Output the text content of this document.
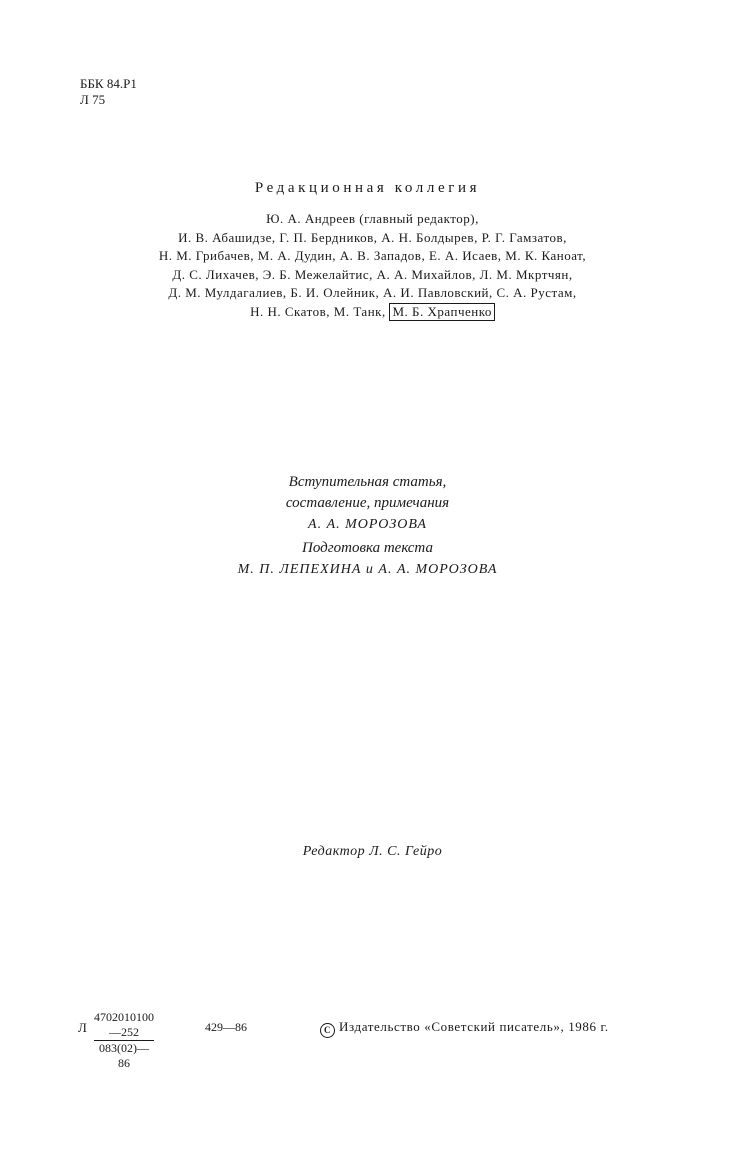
ББК 84.Р1
Л 75
Редакционная коллегия
Ю. А. Андреев (главный редактор),
И. В. Абашидзе, Г. П. Бердников, А. Н. Болдырев, Р. Г. Гамзатов,
Н. М. Грибачев, М. А. Дудин, А. В. Западов, Е. А. Исаев, М. К. Каноат,
Д. С. Лихачев, Э. Б. Межелайтис, А. А. Михайлов, Л. М. Мкртчян,
Д. М. Мулдагалиев, Б. И. Олейник, А. И. Павловский, С. А. Рустам,
Н. Н. Скатов, М. Танк, М. Б. Храпченко
Вступительная статья,
составление, примечания
А. А. МОРОЗОВА
Подготовка текста
М. П. ЛЕПЕХИНА и А. А. МОРОЗОВА
Редактор Л. С. Гейро
Л $\frac{4702010100—252}{083(02)—86}$	429—86	C Издательство «Советский писатель», 1986 г.
